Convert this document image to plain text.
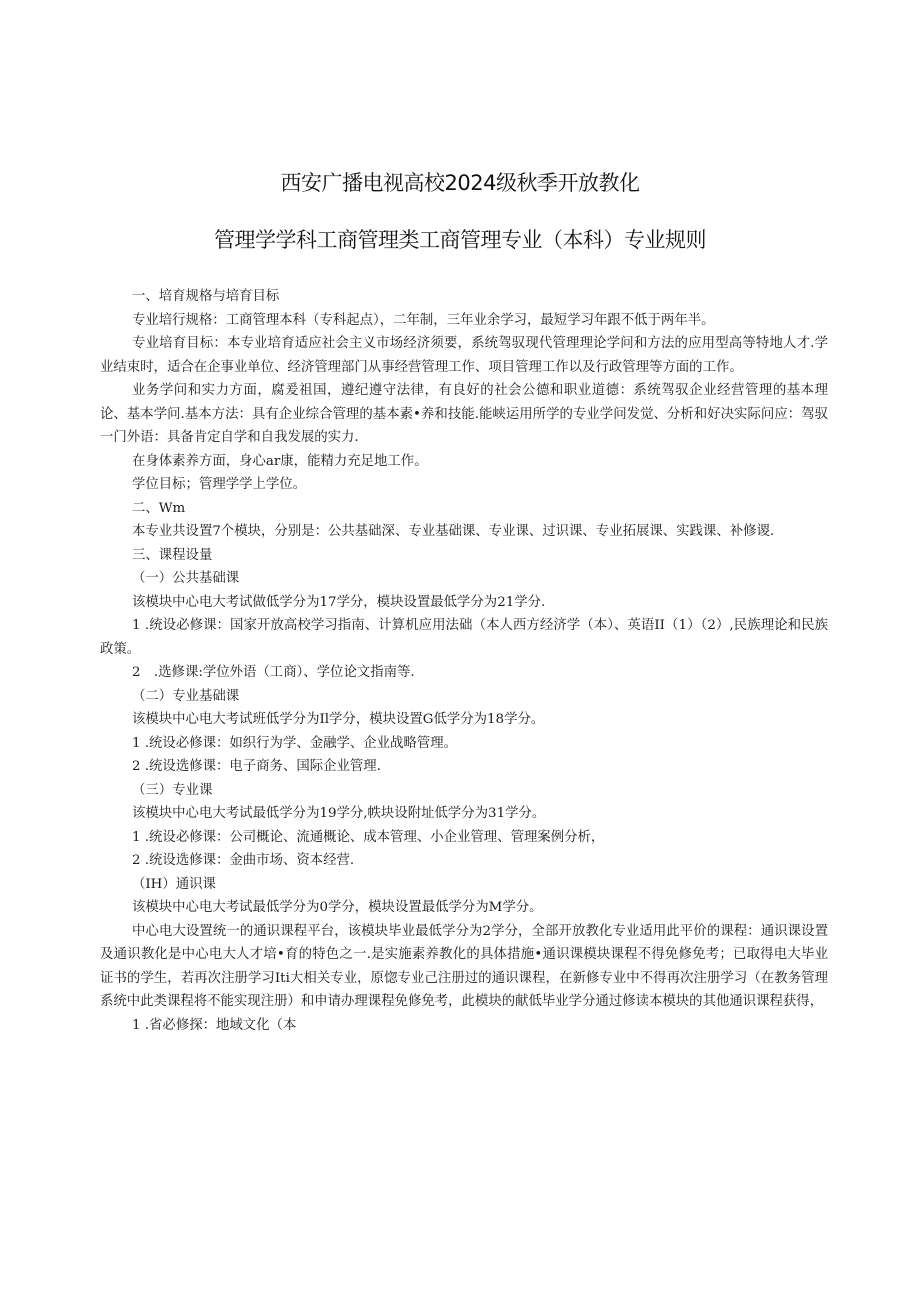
西安广播电视高校2024级秋季开放教化
管理学学科工商管理类工商管理专业（本科）专业规则

一、培育规格与培育目标

专业培行规格：工商管理本科（专科起点），二年制，三年业余学习，最短学习年跟不低于两年半。

专业培育目标：本专业培育适应社会主义市场经济须要，系统驾驭现代管理理论学问和方法的应用型高等特地人才.学业结束时，适合在企事业单位、经济管理部门从事经营管理工作、项目管理工作以及行政管理等方面的工作。

业务学问和实力方面，腐爰祖国，遵纪遵守法律，有良好的社会公德和职业道德：系统驾驭企业经营管理的基本理论、基本学问.基本方法：具有企业综合管理的基本素•养和技能.能峡运用所学的专业学问发觉、分析和好决实际问应：驾驭一门外语：具备肯定自学和自我发展的实力.

在身体素养方面，身心ar康，能精力充足地工作。

学位目标；管理学学上学位。

二、Wm

本专业共设置7个模块，分别是：公共基础深、专业基础课、专业课、过识课、专业拓展课、实践课、补修谡.

三、课程设量

（一）公共基础课

该模块中心电大考试做低学分为17学分，模块设置最低学分为21学分.

1 .统设必修课：国家开放高校学习指南、计算机应用法础（本人西方经济学（本）、英语II（1）（2）,民族理论和民族政策。

2　.选修课:学位外语（工商）、学位论文指南等.

（二）专业基础课

该模块中心电大考试班低学分为Il学分，模块设置G低学分为18学分。

1 .统设必修课：如织行为学、金融学、企业战略管理。

2 .统设选修课：电子商务、国际企业管理.

（三）专业课

该模块中心电大考试最低学分为19学分,帙块设附址低学分为31学分。

1 .统设必修课：公司概论、流通概论、成本管理、小企业管理、管理案例分析，

2 .统设选修课：金曲市场、资本经营.

（IH）通识课

该模块中心电大考试最低学分为0学分，模块设置最低学分为M学分。

中心电大设置统一的通识课程平台，该模块毕业最低学分为2学分，全部开放教化专业适用此平价的课程：通识课设置及通识教化是中心电大人才培•育的特色之一.是实施素养教化的具体措施•通识课模块课程不得免修免考；已取得电大毕业证书的学生，若再次注册学习Iti大相关专业，原惚专业己注册过的通识课程，在新修专业中不得再次注册学习（在教务管理系统中此类课程将不能实现注册）和申请办理课程免修免考，此模块的献低毕业学分通过修读本模块的其他通识课程获得，

1 .省必修探：地域文化（本
